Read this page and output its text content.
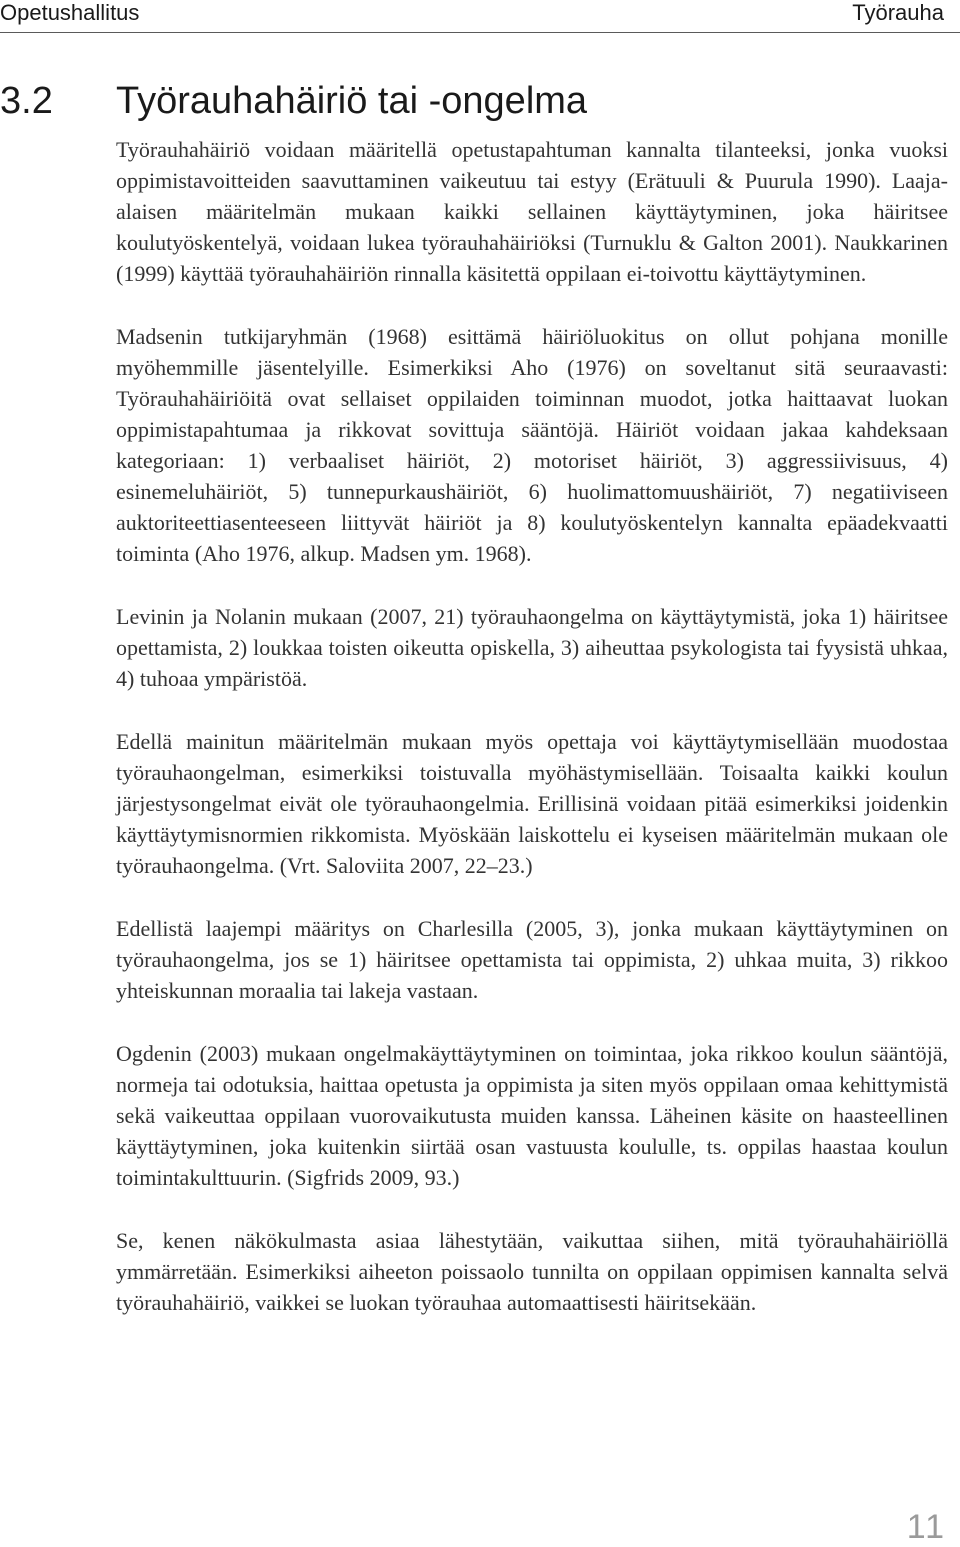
Opetushallitus	Työrauha
3.2 Työrauhahäiriö tai -ongelma

Työrauhahäiriö voidaan määritellä opetustapahtuman kannalta tilanteeksi, jonka vuoksi oppimistavoitteiden saavuttaminen vaikeutuu tai estyy (Erätuuli & Puurula 1990). Laaja-alaisen määritelmän mukaan kaikki sellainen käyttäytyminen, joka häiritsee koulutyöskentelyä, voidaan lukea työrauhahäiriöksi (Turnuklu & Galton 2001). Naukkarinen (1999) käyttää työrauhahäiriön rinnalla käsitettä oppilaan ei-toivottu käyttäytyminen.

Madsenin tutkijaryhmän (1968) esittämä häiriöluokitus on ollut pohjana monille myöhemmille jäsentelyille. Esimerkiksi Aho (1976) on soveltanut sitä seuraavasti: Työrauhahäiriöitä ovat sellaiset oppilaiden toiminnan muodot, jotka haittaavat luokan oppimistapahtumaa ja rikkovat sovittuja sääntöjä. Häiriöt voidaan jakaa kahdeksaan kategoriaan: 1) verbaaliset häiriöt, 2) motoriset häiriöt, 3) aggressiivisuus, 4) esinemeluhäiriöt, 5) tunnepurkaushäiriöt, 6) huolimattomuushäiriöt, 7) negatiiviseen auktoriteettiasenteeseen liittyvät häiriöt ja 8) koulutyöskentelyn kannalta epäadekvaatti toiminta (Aho 1976, alkup. Madsen ym. 1968).

Levinin ja Nolanin mukaan (2007, 21) työrauhaongelma on käyttäytymistä, joka 1) häiritsee opettamista, 2) loukkaa toisten oikeutta opiskella, 3) aiheuttaa psykologista tai fyysistä uhkaa, 4) tuhoaa ympäristöä.

Edellä mainitun määritelmän mukaan myös opettaja voi käyttäytymisellään muodostaa työrauhaongelman, esimerkiksi toistuvalla myöhästymisellään. Toisaalta kaikki koulun järjestysongelmat eivät ole työrauhaongelmia. Erillisinä voidaan pitää esimerkiksi joidenkin käyttäytymisnormien rikkomista. Myöskään laiskottelu ei kyseisen määritelmän mukaan ole työrauhaongelma. (Vrt. Saloviita 2007, 22–23.)

Edellistä laajempi määritys on Charlesilla (2005, 3), jonka mukaan käyttäytyminen on työrauhaongelma, jos se 1) häiritsee opettamista tai oppimista, 2) uhkaa muita, 3) rikkoo yhteiskunnan moraalia tai lakeja vastaan.

Ogdenin (2003) mukaan ongelmakäyttäytyminen on toimintaa, joka rikkoo koulun sääntöjä, normeja tai odotuksia, haittaa opetusta ja oppimista ja siten myös oppilaan omaa kehittymistä sekä vaikeuttaa oppilaan vuorovaikutusta muiden kanssa. Läheinen käsite on haasteellinen käyttäytyminen, joka kuitenkin siirtää osan vastuusta koululle, ts. oppilas haastaa koulun toimintakulttuurin. (Sigfrids 2009, 93.)

Se, kenen näkökulmasta asiaa lähestytään, vaikuttaa siihen, mitä työrauhahäiriöllä ymmärretään. Esimerkiksi aiheeton poissaolo tunnilta on oppilaan oppimisen kannalta selvä työrauhahäiriö, vaikkei se luokan työrauhaa automaattisesti häiritsekään.

11
